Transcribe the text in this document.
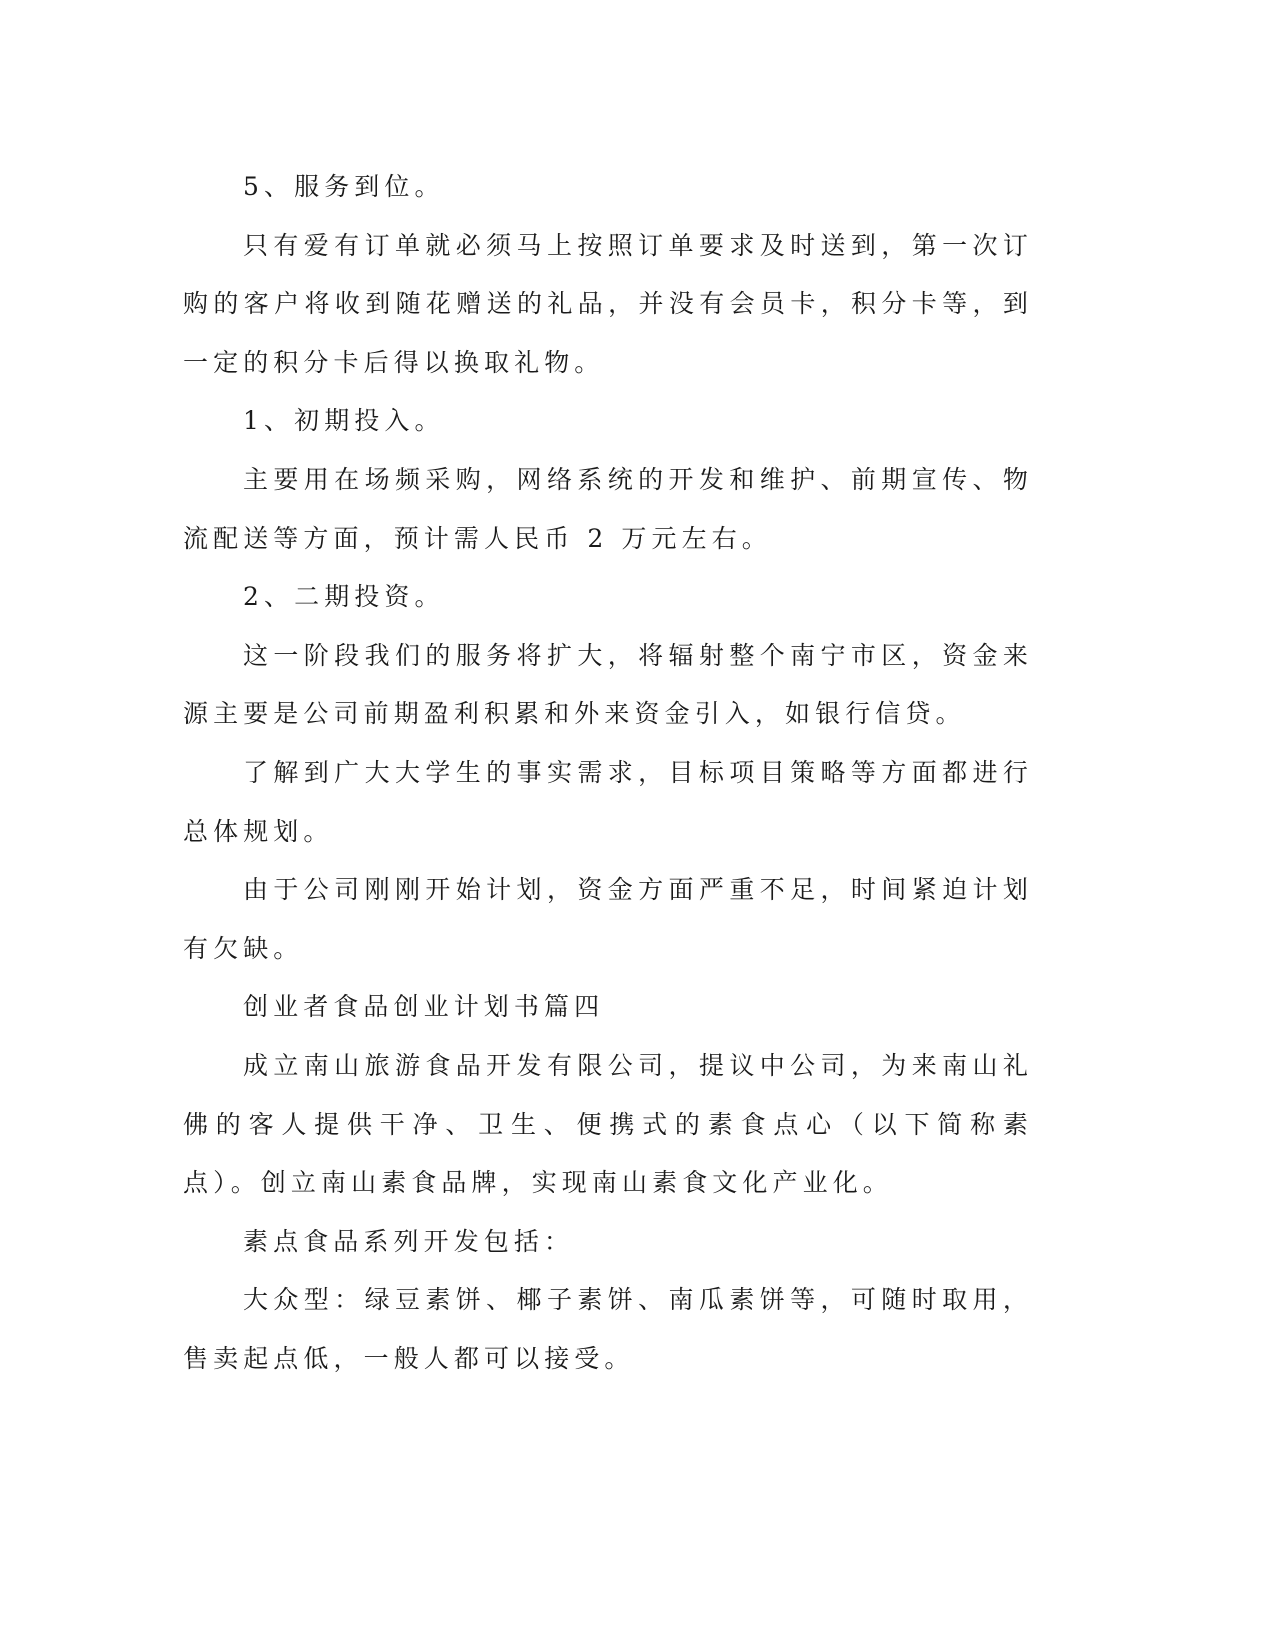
5、服务到位。

只有爱有订单就必须马上按照订单要求及时送到，第一次订购的客户将收到随花赠送的礼品，并没有会员卡，积分卡等，到一定的积分卡后得以换取礼物。

1、初期投入。

主要用在场频采购，网络系统的开发和维护、前期宣传、物流配送等方面，预计需人民币 2 万元左右。

2、二期投资。

这一阶段我们的服务将扩大，将辐射整个南宁市区，资金来源主要是公司前期盈利积累和外来资金引入，如银行信贷。

了解到广大大学生的事实需求，目标项目策略等方面都进行总体规划。

由于公司刚刚开始计划，资金方面严重不足，时间紧迫计划有欠缺。

创业者食品创业计划书篇四

成立南山旅游食品开发有限公司，提议中公司，为来南山礼佛的客人提供干净、卫生、便携式的素食点心（以下简称素点）。创立南山素食品牌，实现南山素食文化产业化。

素点食品系列开发包括：

大众型：绿豆素饼、椰子素饼、南瓜素饼等，可随时取用，售卖起点低，一般人都可以接受。
